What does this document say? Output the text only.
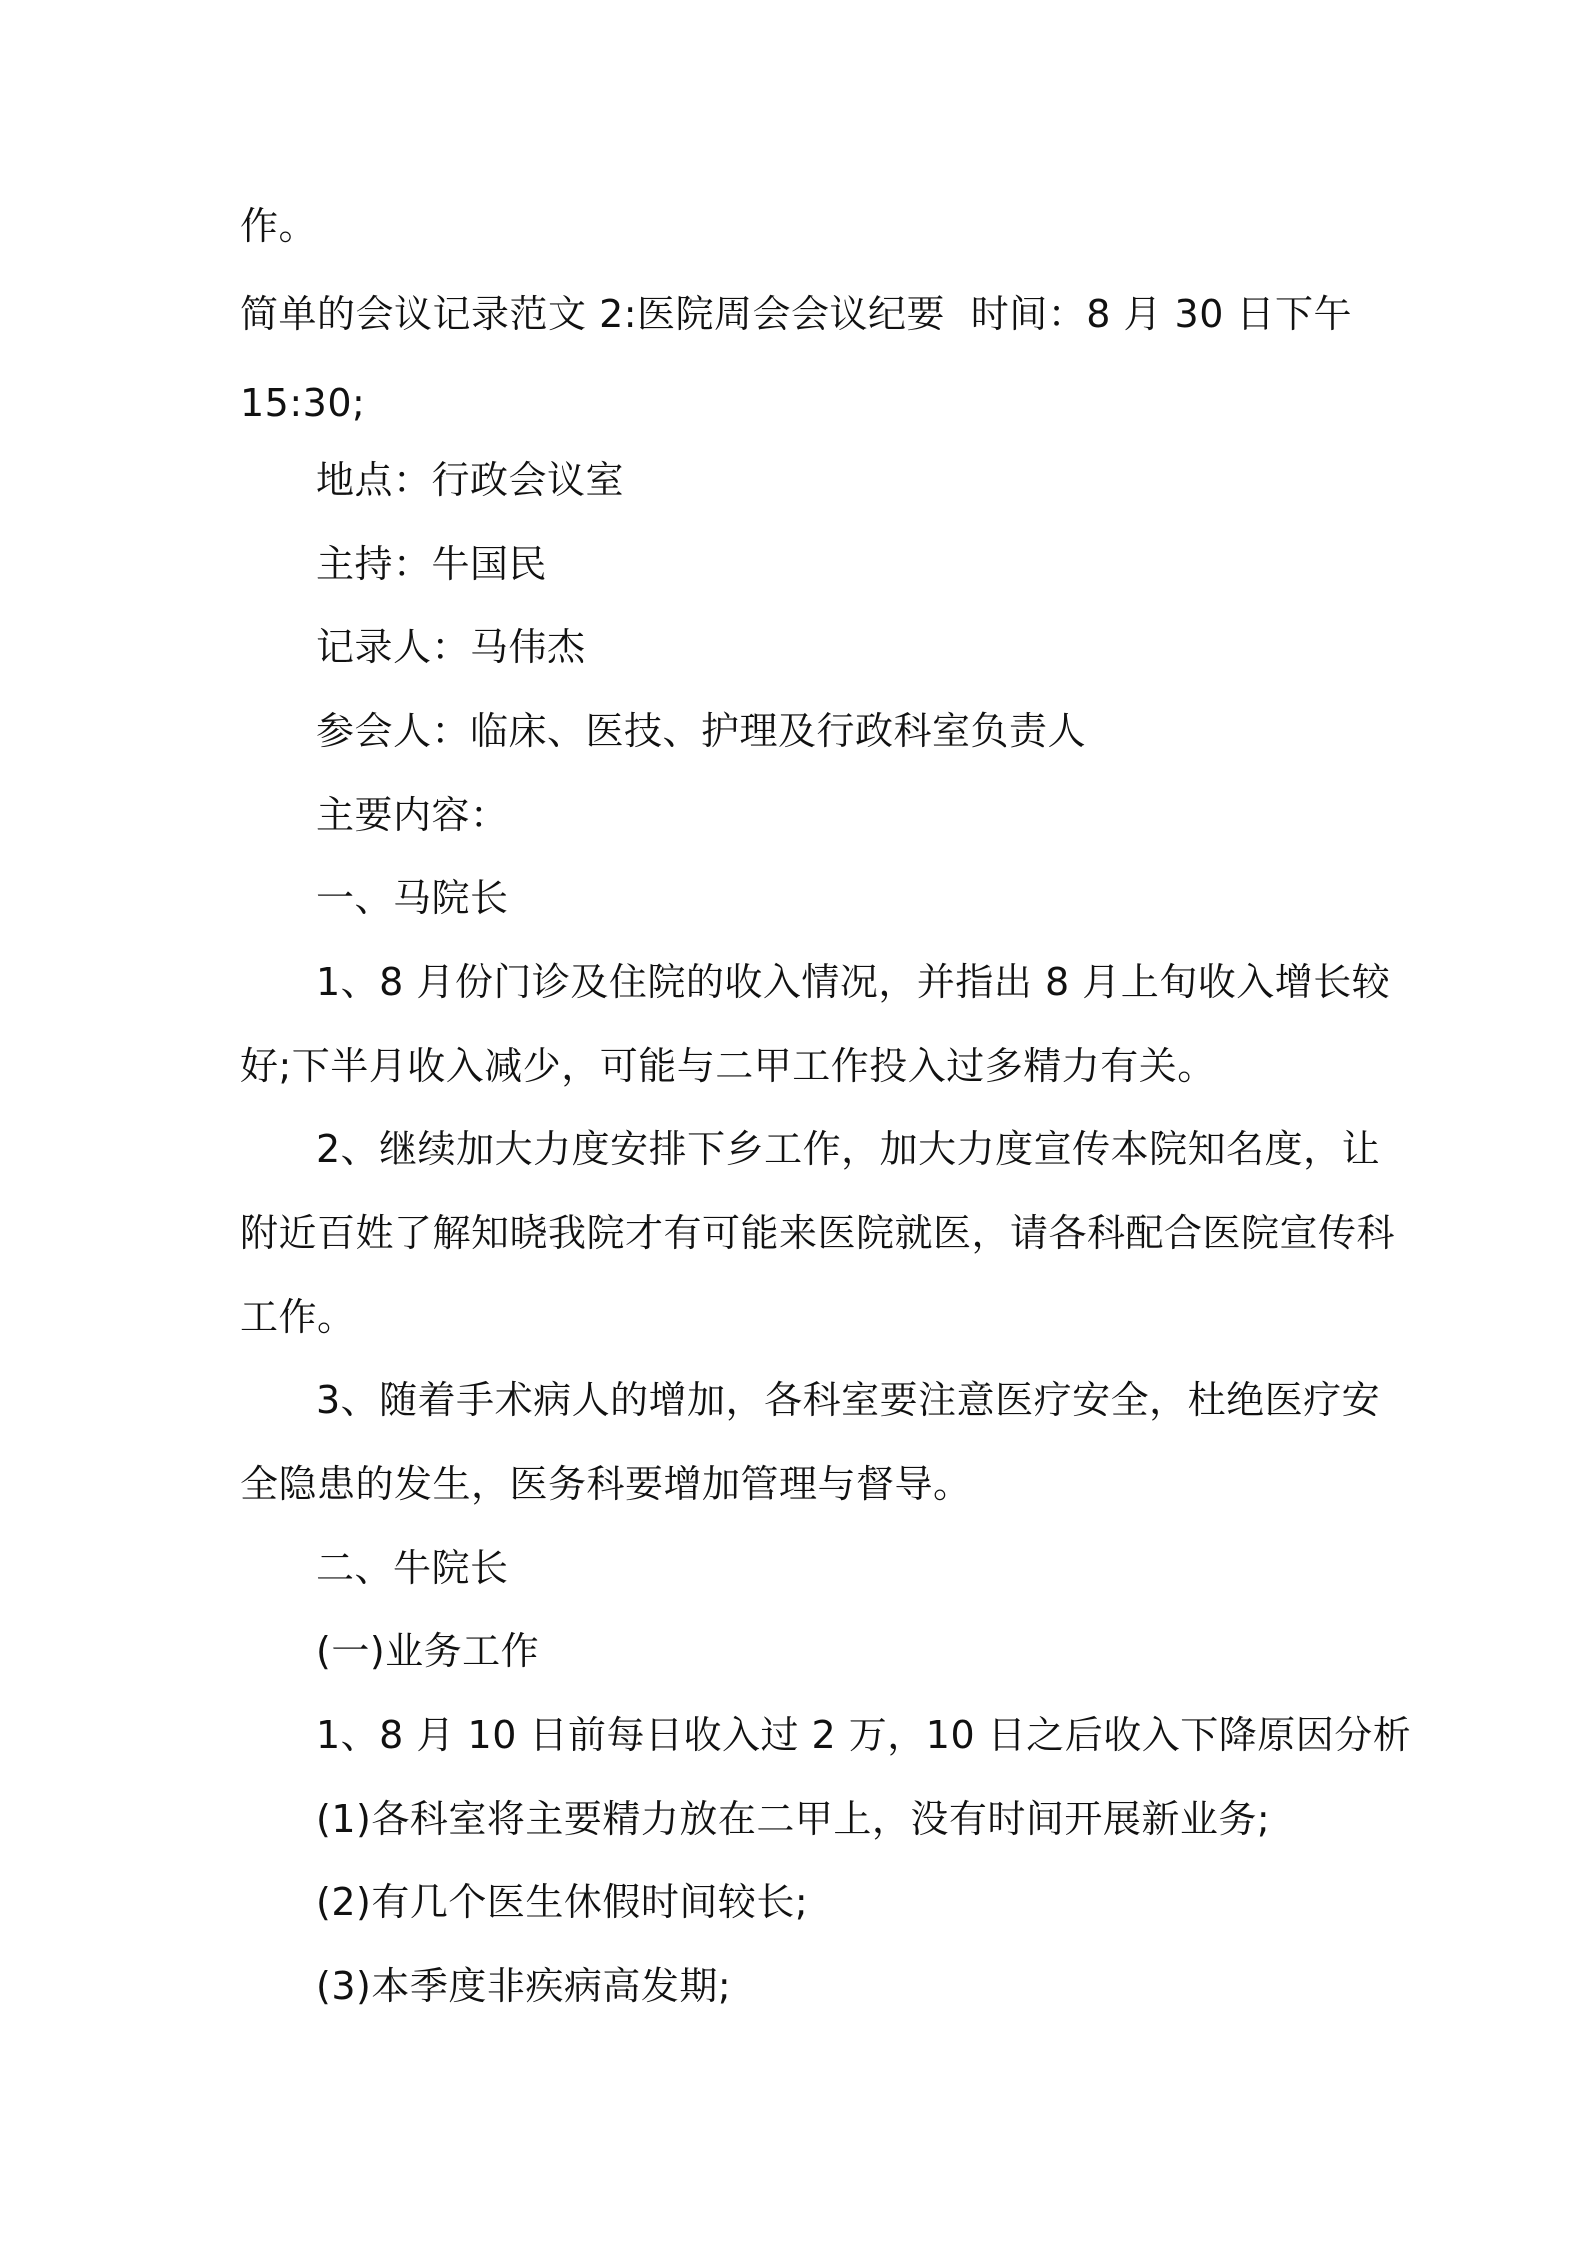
作。
简单的会议记录范文 2:医院周会会议纪要 时间：8 月 30 日下午
15:30;
地点：行政会议室
主持：牛国民
记录人：马伟杰
参会人：临床、医技、护理及行政科室负责人
主要内容：
一、马院长
1、8 月份门诊及住院的收入情况，并指出 8 月上旬收入增长较
好;下半月收入减少，可能与二甲工作投入过多精力有关。
2、继续加大力度安排下乡工作，加大力度宣传本院知名度，让
附近百姓了解知晓我院才有可能来医院就医，请各科配合医院宣传科
工作。
3、随着手术病人的增加，各科室要注意医疗安全，杜绝医疗安
全隐患的发生，医务科要增加管理与督导。
二、牛院长
(一)业务工作
1、8 月 10 日前每日收入过 2 万，10 日之后收入下降原因分析
(1)各科室将主要精力放在二甲上，没有时间开展新业务;
(2)有几个医生休假时间较长;
(3)本季度非疾病高发期;
